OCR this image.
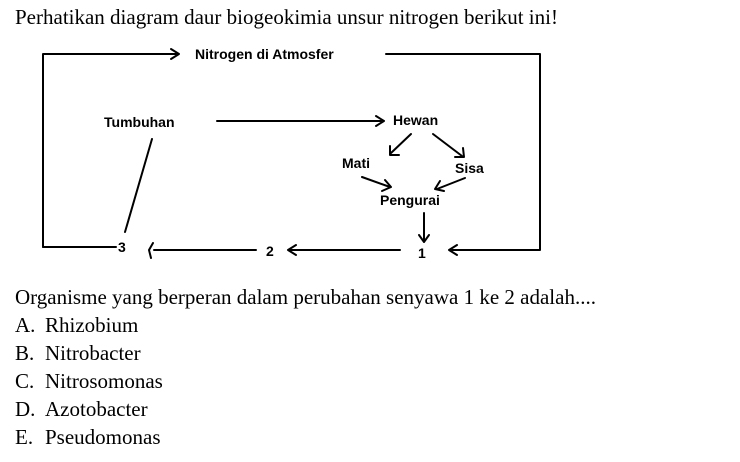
Perhatikan diagram daur biogeokimia unsur nitrogen berikut ini!
Nitrogen di Atmosfer
Tumbuhan	Hewan
Mati	Sisa
Pengurai
1
2
3
Organisme yang berperan dalam perubahan senyawa 1 ke 2 adalah....
A. Rhizobium
B. Nitrobacter
C. Nitrosomonas
D. Azotobacter
E. Pseudomonas
